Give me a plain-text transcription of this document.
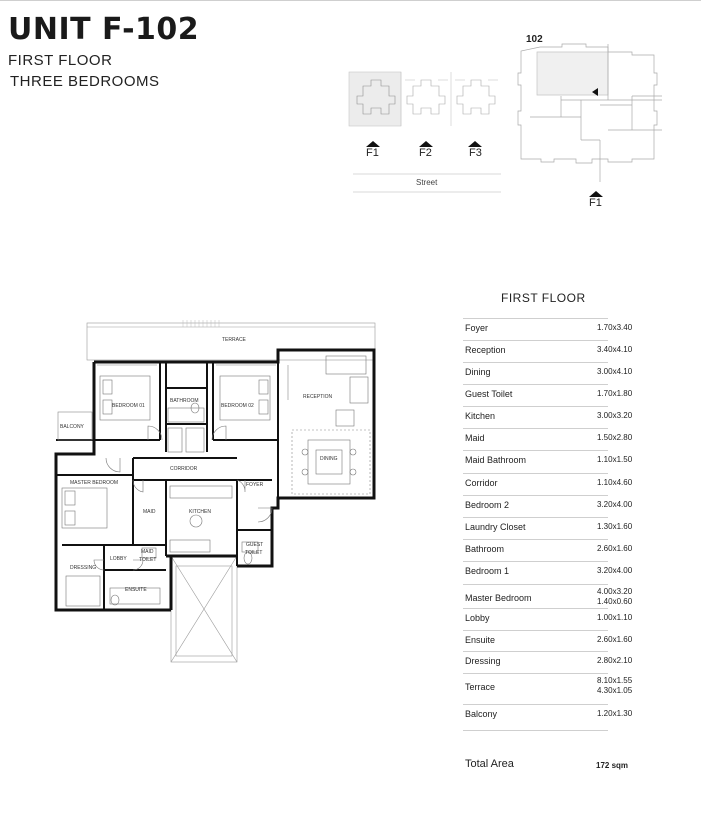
UNIT F-102
FIRST FLOOR
THREE BEDROOMS
F1	F2	F3
Street
102
F1
TERRACE
BALCONY
BEDROOM 01
BATHROOM
BEDROOM 02
RECEPTION
DINING
CORRIDOR
MASTER BEDROOM
MAID	KITCHEN
FOYER
LOBBY
MAID
TOILET
GUEST
TOILET
DRESSING
ENSUITE
FIRST FLOOR
Foyer	1.70x3.40
Reception	3.40x4.10
Dining	3.00x4.10
Guest Toilet	1.70x1.80
Kitchen	3.00x3.20
Maid	1.50x2.80
Maid Bathroom	1.10x1.50
Corridor	1.10x4.60
Bedroom 2	3.20x4.00
Laundry Closet	1.30x1.60
Bathroom	2.60x1.60
Bedroom 1	3.20x4.00
Master Bedroom
4.00x3.20
1.40x0.60
Lobby	1.00x1.10
Ensuite	2.60x1.60
Dressing	2.80x2.10
Terrace
8.10x1.55
4.30x1.05
Balcony	1.20x1.30
Total Area	172 sqm
